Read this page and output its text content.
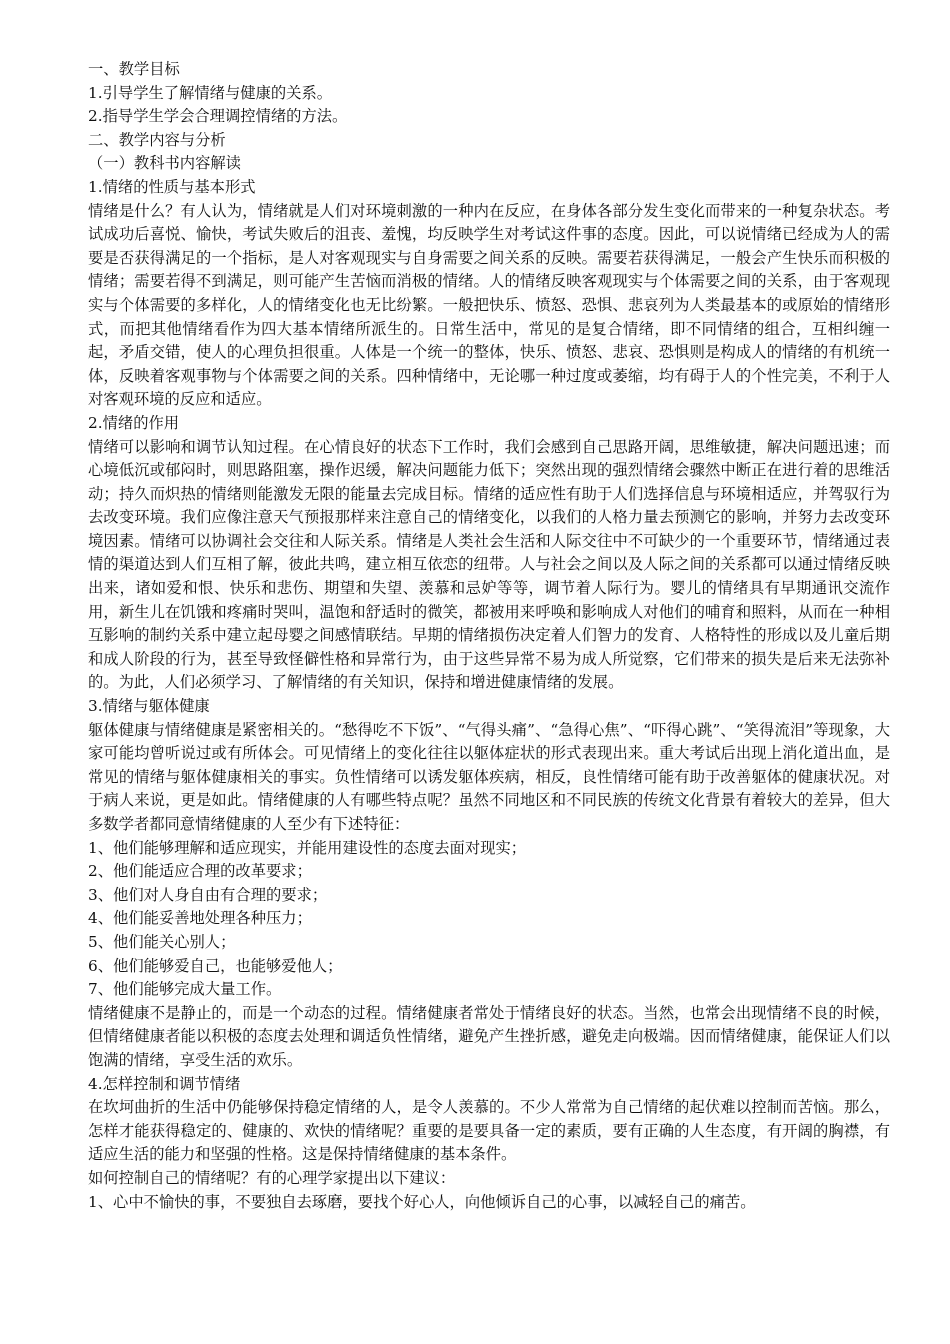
一、教学目标

1.引导学生了解情绪与健康的关系。

2.指导学生学会合理调控情绪的方法。

二、教学内容与分析

（一）教科书内容解读

1.情绪的性质与基本形式

情绪是什么？有人认为，情绪就是人们对环境刺激的一种内在反应，在身体各部分发生变化而带来的一种复杂状态。考试成功后喜悦、愉快，考试失败后的沮丧、羞愧，均反映学生对考试这件事的态度。因此，可以说情绪已经成为人的需要是否获得满足的一个指标，是人对客观现实与自身需要之间关系的反映。需要若获得满足，一般会产生快乐而积极的情绪；需要若得不到满足，则可能产生苦恼而消极的情绪。人的情绪反映客观现实与个体需要之间的关系，由于客观现实与个体需要的多样化，人的情绪变化也无比纷繁。一般把快乐、愤怒、恐惧、悲哀列为人类最基本的或原始的情绪形式，而把其他情绪看作为四大基本情绪所派生的。日常生活中，常见的是复合情绪，即不同情绪的组合，互相纠缠一起，矛盾交错，使人的心理负担很重。人体是一个统一的整体，快乐、愤怒、悲哀、恐惧则是构成人的情绪的有机统一体，反映着客观事物与个体需要之间的关系。四种情绪中，无论哪一种过度或萎缩，均有碍于人的个性完美，不利于人对客观环境的反应和适应。

2.情绪的作用

情绪可以影响和调节认知过程。在心情良好的状态下工作时，我们会感到自己思路开阔，思维敏捷，解决问题迅速；而心境低沉或郁闷时，则思路阻塞，操作迟缓，解决问题能力低下；突然出现的强烈情绪会骤然中断正在进行着的思维活动；持久而炽热的情绪则能激发无限的能量去完成目标。情绪的适应性有助于人们选择信息与环境相适应，并驾驭行为去改变环境。我们应像注意天气预报那样来注意自己的情绪变化，以我们的人格力量去预测它的影响，并努力去改变环境因素。情绪可以协调社会交往和人际关系。情绪是人类社会生活和人际交往中不可缺少的一个重要环节，情绪通过表情的渠道达到人们互相了解，彼此共鸣，建立相互依恋的纽带。人与社会之间以及人际之间的关系都可以通过情绪反映出来，诸如爱和恨、快乐和悲伤、期望和失望、羡慕和忌妒等等，调节着人际行为。婴儿的情绪具有早期通讯交流作用，新生儿在饥饿和疼痛时哭叫，温饱和舒适时的微笑，都被用来呼唤和影响成人对他们的哺育和照料，从而在一种相互影响的制约关系中建立起母婴之间感情联结。早期的情绪损伤决定着人们智力的发育、人格特性的形成以及儿童后期和成人阶段的行为，甚至导致怪僻性格和异常行为，由于这些异常不易为成人所觉察，它们带来的损失是后来无法弥补的。为此，人们必须学习、了解情绪的有关知识，保持和增进健康情绪的发展。

3.情绪与躯体健康

躯体健康与情绪健康是紧密相关的。“愁得吃不下饭”、“气得头痛”、“急得心焦”、“吓得心跳”、“笑得流泪”等现象，大家可能均曾听说过或有所体会。可见情绪上的变化往往以躯体症状的形式表现出来。重大考试后出现上消化道出血，是常见的情绪与躯体健康相关的事实。负性情绪可以诱发躯体疾病，相反，良性情绪可能有助于改善躯体的健康状况。对于病人来说，更是如此。情绪健康的人有哪些特点呢？虽然不同地区和不同民族的传统文化背景有着较大的差异，但大多数学者都同意情绪健康的人至少有下述特征：

1、他们能够理解和适应现实，并能用建设性的态度去面对现实；

2、他们能适应合理的改革要求；

3、他们对人身自由有合理的要求；

4、他们能妥善地处理各种压力；

5、他们能关心别人；

6、他们能够爱自己，也能够爱他人；

7、他们能够完成大量工作。

情绪健康不是静止的，而是一个动态的过程。情绪健康者常处于情绪良好的状态。当然，也常会出现情绪不良的时候，但情绪健康者能以积极的态度去处理和调适负性情绪，避免产生挫折感，避免走向极端。因而情绪健康，能保证人们以饱满的情绪，享受生活的欢乐。

4.怎样控制和调节情绪

在坎坷曲折的生活中仍能够保持稳定情绪的人，是令人羡慕的。不少人常常为自己情绪的起伏难以控制而苦恼。那么，怎样才能获得稳定的、健康的、欢快的情绪呢？重要的是要具备一定的素质，要有正确的人生态度，有开阔的胸襟，有适应生活的能力和坚强的性格。这是保持情绪健康的基本条件。

如何控制自己的情绪呢？有的心理学家提出以下建议：

1、心中不愉快的事，不要独自去琢磨，要找个好心人，向他倾诉自己的心事，以减轻自己的痛苦。
